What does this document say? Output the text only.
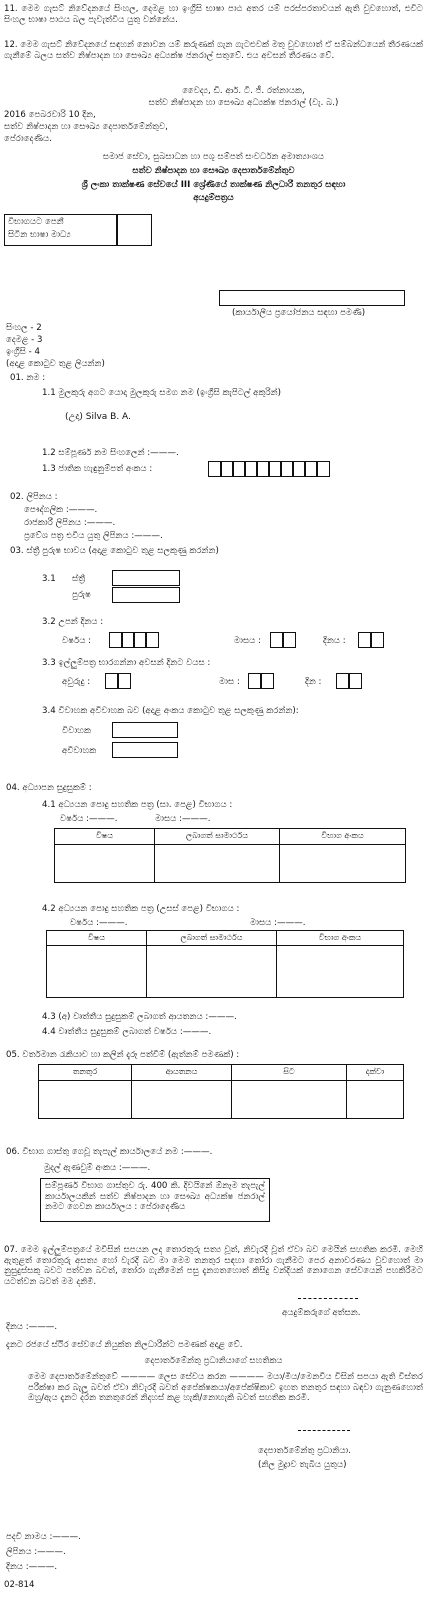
11. මෙම ගැසට් නිවේදනයේ සිංහල, දෙමළ හා ඉංග්‍රීසි භාෂා පාඨ අතර යම් පරස්පරතාවයන් ඇති වුවහොත්, එවිට සිංහල භාෂා පාඨය බල පැවැත්විය යුතු වන්නේය.
12. මෙම ගැසට් නිවේදනයේ සඳහන් නොවන යම් කරුණක් ගැන ගැටළුවක් මතු වුවහොත් ඒ සම්බන්ධයෙන් තීරණයක් ගැනීමේ බලය සත්ව නිෂ්පාදන හා සෞඛ්‍ය අධ්‍යක්ෂ ජනරාල් සතුවේ. එය අවසන් තීරණය වේ.
වෛද්‍ය, ඩී. ආර්. ටී. ජී. රත්නායක,
සත්ව නිෂ්පාදන හා සෞඛ්‍ය අධ්‍යක්ෂ ජනරාල් (වැ. බ.)
2016 පෙබරවාරි 10 දින,
සත්ව නිෂ්පාදන හා සෞඛ්‍ය දෙපාර්තමේන්තුව,
පේරාදෙණිය.
සමාජ සේවා, සුබසාධන හා පශු සම්පත් සංවර්ධන අමාත්‍යාංශය
සත්ව නිෂ්පාදන හා සෞඛ්‍ය දෙපාර්තමේන්තුව
ශ්‍රී ලංකා තාක්ෂණ සේවයේ III ශ්‍රේණියේ තාක්ෂණ නිලධාරී තනතුර සඳහා
අයදුම්පත්‍රය
විභාගයට පෙනී
සිටින භාෂා මාධ්‍ය
(කාර්යාලීය ප්‍රයෝජනය සඳහා පමණි)
සිංහල - 2
දෙමළ - 3
ඉංග්‍රීසි - 4
(අදාළ කොටුව තුළ ලියන්න)
01. නම :
1.1 මුලකුරු අගට යොදා මුලකුරු සමග නම (ඉංග්‍රීසි කැපිටල් අකුරින්)
(උදා) Silva B. A.
1.2 සම්පූර්ණ නම සිංහලෙන් :———.
1.3 ජාතික හැඳුනුම්පත් අංකය :
02. ලිපිනය :
පෞද්ගලික :———.
රාජකාරී ලිපිනය :———.
ප්‍රවේශ පත්‍ර එවිය යුතු ලිපිනය :———.
03. ස්ත්‍රී පුරුෂ භාවය (අදාළ කොටුව තුළ සලකුණු කරන්න)
3.1 ස්ත්‍රී
පුරුෂ
3.2 උපන් දිනය :
වර්ෂය :	මාසය :	දිනය :
3.3 ඉල්ලුම්පත්‍ර භාරගන්නා අවසන් දිනට වයස :
අවුරුදු :	මාස :	දින :
3.4 විවාහක අවිවාහක බව (අදාළ අංකය කොටුව තුළ සලකුණු කරන්න):
විවාහක
අවිවාහක
04. අධ්‍යාපන සුදුසුකම් :
4.1 අධ්‍යයන පොදු සහතික පත්‍ර (සා. පෙළ) විභාගය :
වර්ෂය :———.	මාසය :———.
විෂය	ලබාගත් සාමාර්ථය	විභාග අංකය

4.2 අධ්‍යයන පොදු සහතික පත්‍ර (උසස් පෙළ) විභාගය :
වර්ෂය :———.	මාසය :———.
විෂය	ලබාගත් සාමාර්ථය	විභාග අංකය

4.3 (අ) වෘත්තීය සුදුසුකම් ලබාගත් ආයතනය :———.
4.4 වෘත්තීය සුදුසුකම් ලබාගත් වර්ෂය :———.
05. වර්තමාන රැකියාව හා කලින් දැරූ පත්වීම් (ඇත්නම් පමණක්) :
තනතුර	ආයතනය	සිට	දක්වා

06. විභාග ගාස්තු ගෙවූ තැපැල් කාර්යාලයේ නම :———.
මුදල් ඇණවුම් අංකය :———.
සම්පූර්ණ විභාග ගාස්තුව රු. 400 කි. දිවයිනේ ඕනෑම තැපැල් කාර්යාලයකින් සත්ව නිෂ්පාදන හා සෞඛ්‍ය අධ්‍යක්ෂ ජනරාල් නමට ගෙවන කාර්යාලය : පේරාදෙණිය
07. මෙම ඉල්ලුම්පත්‍රයේ මවිසින් සපයන ලද තොරතුරු සත්‍ය වූත්, නිවැරදි වූත් ඒවා බව මෙයින් සහතික කරමි. මෙහි ඇතුළත් තොරතුරු අසත්‍ය හෝ වැරදි බව මා මෙම තනතුර සඳහා තෝරා ගැනීමට පෙර අනාවරණය වුවහොත් මා නුසුදුස්සකු බවට පත්වන බවත්, තෝරා ගැනීමෙන් පසු දැනගතහොත් කිසිදු වන්දියක් නොගෙන සේවයෙන් පහකිරීමට යටත්වන බවත් මම දනිමි.
අයදුම්කරුගේ අත්සන.
දිනය :———.
දැනට රජයේ ස්ථිර සේවයේ නියුක්ත නිලධාරීන්ට පමණක් අදාළ වේ.
දෙපාර්තමේන්තු ප්‍රධානියාගේ සහතිකය
මෙම දෙපාර්තමේන්තුවේ ———— ලෙස සේවය කරන ———— මයා/මිය/මෙනවිය විසින් සපයා ඇති විස්තර පරීක්ෂා කර බැලූ බවත් ඒවා නිවැරදි බවත් අපේක්ෂකයා/අපේක්ෂිකාව ඉහත තනතුර සඳහා බඳවා ගැනුණහොත් ඔහු/ඇය දැනට දරන තනතුරෙන් නිදහස් කළ හැකි/නොහැකි බවත් සහතික කරමි.
දෙපාර්තමේන්තු ප්‍රධානියා.
(නිල මුද්‍රාව තැබිය යුතුය)
පදවි නාමය :———.
ලිපිනය :———.
දිනය :———.
02-814
